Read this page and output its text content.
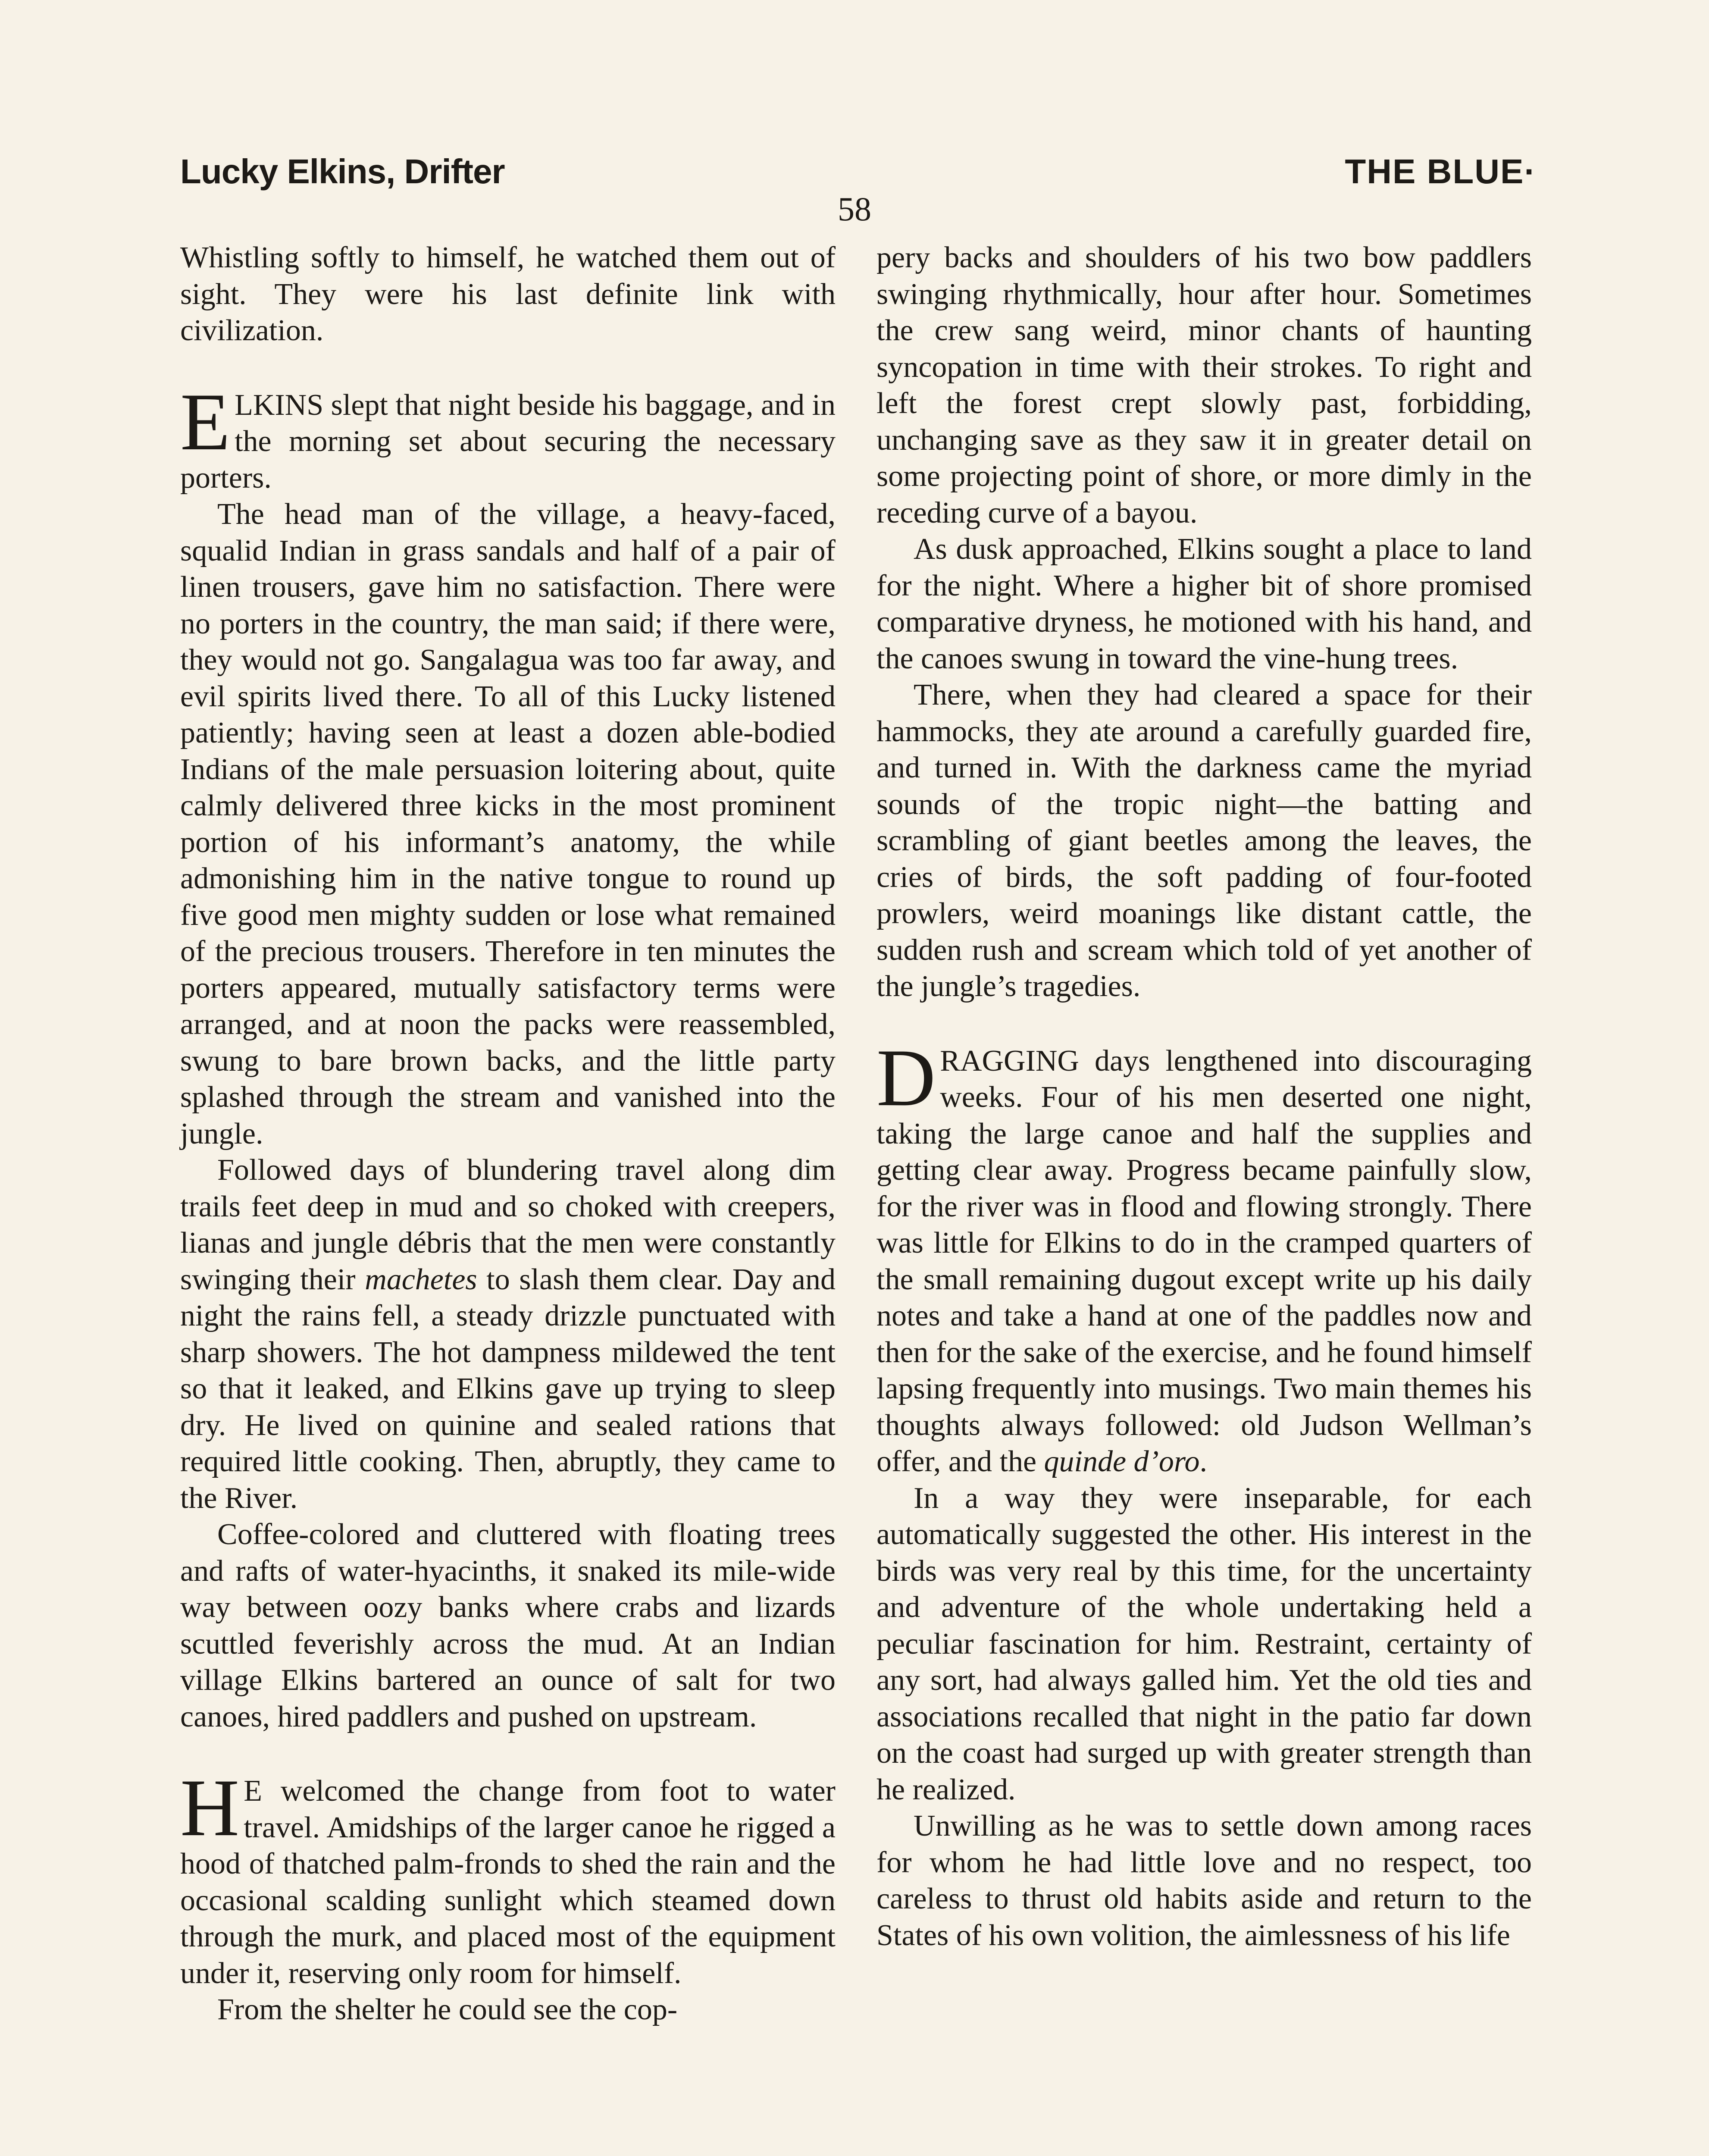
Lucky Elkins, Drifter	THE BLUE·
58

Whistling softly to himself, he watched them out of sight. They were his last definite link with civilization.

ELKINS slept that night beside his baggage, and in the morning set about securing the necessary porters.

The head man of the village, a heavy-faced, squalid Indian in grass sandals and half of a pair of linen trousers, gave him no satisfaction. There were no porters in the country, the man said; if there were, they would not go. Sangalagua was too far away, and evil spirits lived there. To all of this Lucky listened patiently; having seen at least a dozen able-bodied Indians of the male persuasion loitering about, quite calmly delivered three kicks in the most prominent portion of his informant’s anatomy, the while admonishing him in the native tongue to round up five good men mighty sudden or lose what remained of the precious trousers. Therefore in ten minutes the porters appeared, mutually satisfactory terms were arranged, and at noon the packs were reassembled, swung to bare brown backs, and the little party splashed through the stream and vanished into the jungle.

Followed days of blundering travel along dim trails feet deep in mud and so choked with creepers, lianas and jungle débris that the men were constantly swinging their machetes to slash them clear. Day and night the rains fell, a steady drizzle punctuated with sharp showers. The hot dampness mildewed the tent so that it leaked, and Elkins gave up trying to sleep dry. He lived on quinine and sealed rations that required little cooking. Then, abruptly, they came to the River.

Coffee-colored and cluttered with floating trees and rafts of water-hyacinths, it snaked its mile-wide way between oozy banks where crabs and lizards scuttled feverishly across the mud. At an Indian village Elkins bartered an ounce of salt for two canoes, hired paddlers and pushed on upstream.

HE welcomed the change from foot to water travel. Amidships of the larger canoe he rigged a hood of thatched palm-fronds to shed the rain and the occasional scalding sunlight which steamed down through the murk, and placed most of the equipment under it, reserving only room for himself.

From the shelter he could see the cop-

pery backs and shoulders of his two bow paddlers swinging rhythmically, hour after hour. Sometimes the crew sang weird, minor chants of haunting syncopation in time with their strokes. To right and left the forest crept slowly past, forbidding, unchanging save as they saw it in greater detail on some projecting point of shore, or more dimly in the receding curve of a bayou.

As dusk approached, Elkins sought a place to land for the night. Where a higher bit of shore promised comparative dryness, he motioned with his hand, and the canoes swung in toward the vine-hung trees.

There, when they had cleared a space for their hammocks, they ate around a carefully guarded fire, and turned in. With the darkness came the myriad sounds of the tropic night—the batting and scrambling of giant beetles among the leaves, the cries of birds, the soft padding of four-footed prowlers, weird moanings like distant cattle, the sudden rush and scream which told of yet another of the jungle’s tragedies.

DRAGGING days lengthened into discouraging weeks. Four of his men deserted one night, taking the large canoe and half the supplies and getting clear away. Progress became painfully slow, for the river was in flood and flowing strongly. There was little for Elkins to do in the cramped quarters of the small remaining dugout except write up his daily notes and take a hand at one of the paddles now and then for the sake of the exercise, and he found himself lapsing frequently into musings. Two main themes his thoughts always followed: old Judson Wellman’s offer, and the quinde d’oro.

In a way they were inseparable, for each automatically suggested the other. His interest in the birds was very real by this time, for the uncertainty and adventure of the whole undertaking held a peculiar fascination for him. Restraint, certainty of any sort, had always galled him. Yet the old ties and associations recalled that night in the patio far down on the coast had surged up with greater strength than he realized.

Unwilling as he was to settle down among races for whom he had little love and no respect, too careless to thrust old habits aside and return to the States of his own volition, the aimlessness of his life
